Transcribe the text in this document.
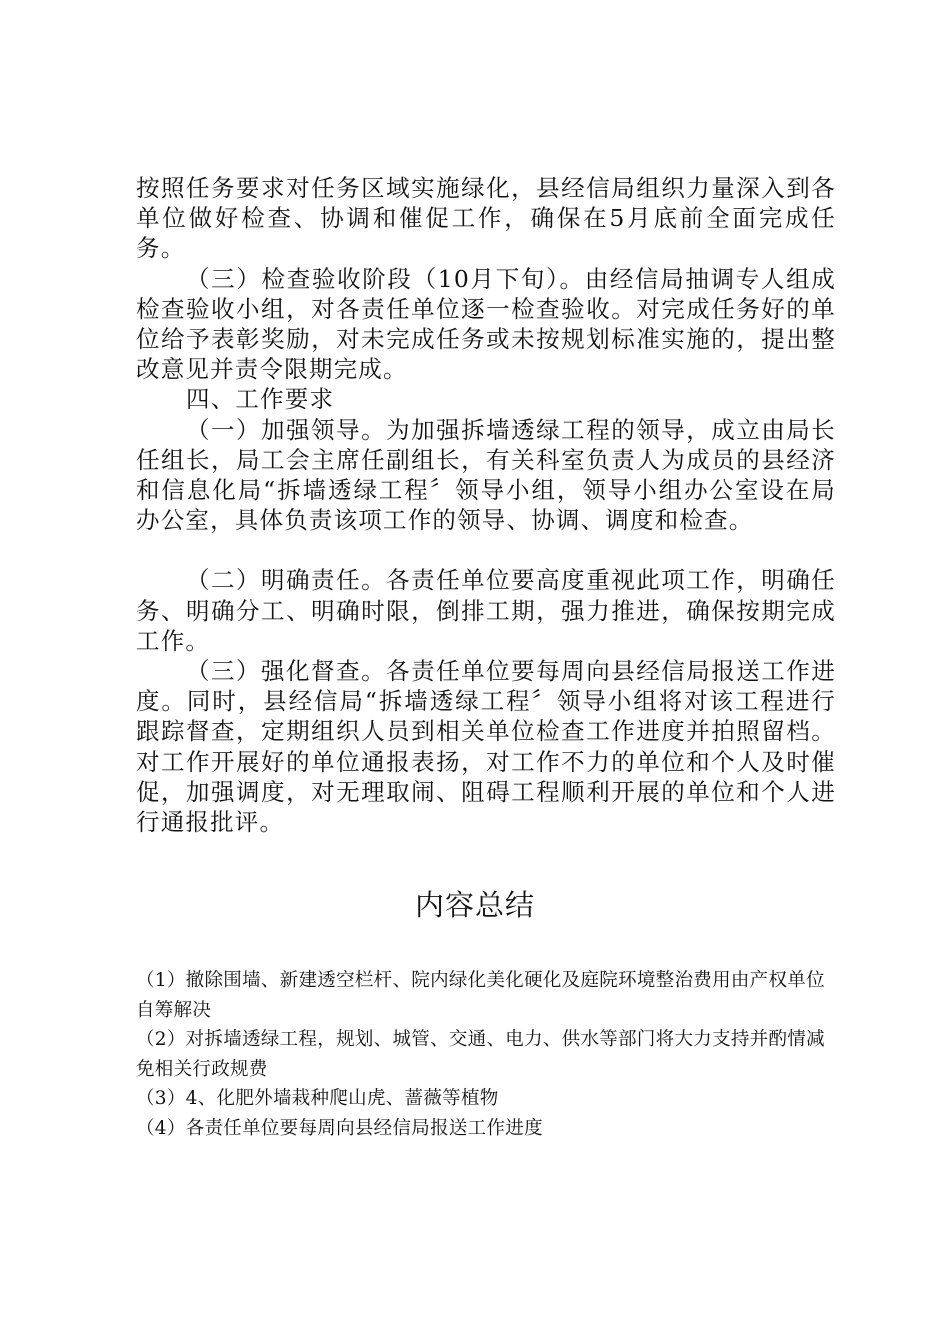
按照任务要求对任务区域实施绿化，县经信局组织力量深入到各单位做好检查、协调和催促工作，确保在5月底前全面完成任务。

（三）检查验收阶段（10月下旬）。由经信局抽调专人组成检查验收小组，对各责任单位逐一检查验收。对完成任务好的单位给予表彰奖励，对未完成任务或未按规划标准实施的，提出整改意见并责令限期完成。

四、工作要求

（一）加强领导。为加强拆墙透绿工程的领导，成立由局长任组长，局工会主席任副组长，有关科室负责人为成员的县经济和信息化局“拆墙透绿工程〞领导小组，领导小组办公室设在局办公室，具体负责该项工作的领导、协调、调度和检查。

（二）明确责任。各责任单位要高度重视此项工作，明确任务、明确分工、明确时限，倒排工期，强力推进，确保按期完成工作。

（三）强化督查。各责任单位要每周向县经信局报送工作进度。同时，县经信局“拆墙透绿工程〞领导小组将对该工程进行跟踪督查，定期组织人员到相关单位检查工作进度并拍照留档。对工作开展好的单位通报表扬，对工作不力的单位和个人及时催促，加强调度，对无理取闹、阻碍工程顺利开展的单位和个人进行通报批评。

内容总结
（1）撤除围墙、新建透空栏杆、院内绿化美化硬化及庭院环境整治费用由产权单位自筹解决
（2）对拆墙透绿工程，规划、城管、交通、电力、供水等部门将大力支持并酌情减免相关行政规费
（3）4、化肥外墙栽种爬山虎、蔷薇等植物
（4）各责任单位要每周向县经信局报送工作进度
